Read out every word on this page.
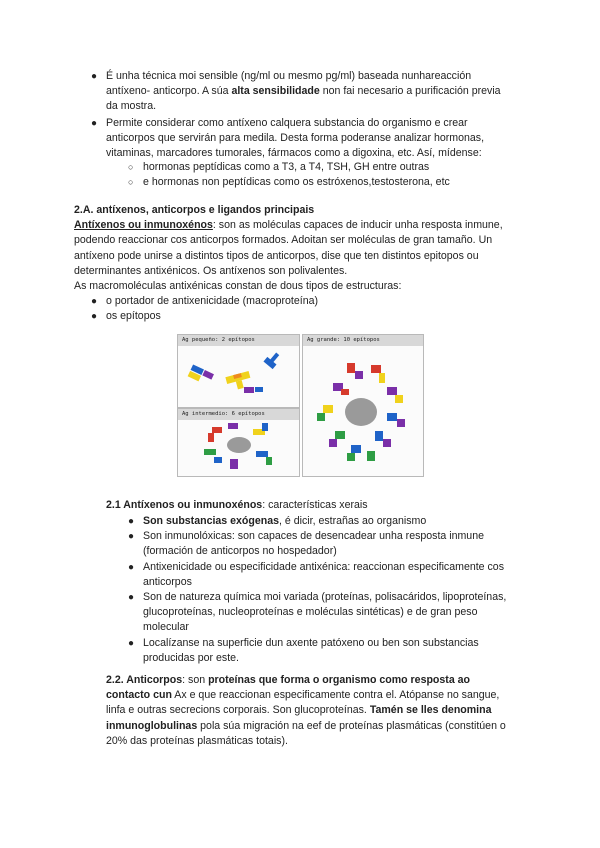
● É unha técnica moi sensible (ng/ml ou mesmo pg/ml) baseada nunhareacción
antíxeno- anticorpo. A súa alta sensibilidade non fai necesario a purificación previa
da mostra.
● Permite considerar como antíxeno calquera substancia do organismo e crear
anticorpos que servirán para medila. Desta forma poderanse analizar hormonas,
vitaminas, marcadores tumorales, fármacos como a digoxina, etc. Así, mídense:
○ hormonas peptídicas como a T3, a T4, TSH, GH entre outras
○ e hormonas non peptídicas como os estróxenos,testosterona, etc
2.A. antíxenos, anticorpos e ligandos principais
Antíxenos ou inmunoxénos: son as moléculas capaces de inducir unha resposta inmune,
podendo reaccionar cos anticorpos formados. Adoitan ser moléculas de gran tamaño. Un
antíxeno pode unirse a distintos tipos de anticorpos, dise que ten distintos epitopos ou
determinantes antixénicos. Os antíxenos son polivalentes.
As macromoléculas antixénicas constan de dous tipos de estructuras:
● o portador de antixenicidade (macroproteína)
● os epítopos
Ag pequeño: 2 epítopos
Ag intermedio: 6 epítopos
Ag grande: 10 epítopos
2.1 Antíxenos ou inmunoxénos: características xerais
● Son substancias exógenas, é dicir, estrañas ao organismo
● Son inmunolóxicas: son capaces de desencadear unha resposta inmune
(formación de anticorpos no hospedador)
● Antixenicidade ou especificidade antixénica: reaccionan especificamente cos
anticorpos
● Son de natureza química moi variada (proteínas, polisacáridos, lipoproteínas,
glucoproteínas, nucleoproteínas e moléculas sintéticas) e de gran peso
molecular
● Localízanse na superficie dun axente patóxeno ou ben son substancias
producidas por este.
2.2. Anticorpos: son proteínas que forma o organismo como resposta ao
contacto cun Ax e que reaccionan especificamente contra el. Atópanse no sangue,
linfa e outras secrecions corporais. Son glucoproteínas. Tamén se lles denomina
inmunoglobulinas pola súa migración na eef de proteínas plasmáticas (constitúen o
20% das proteínas plasmáticas totais).
